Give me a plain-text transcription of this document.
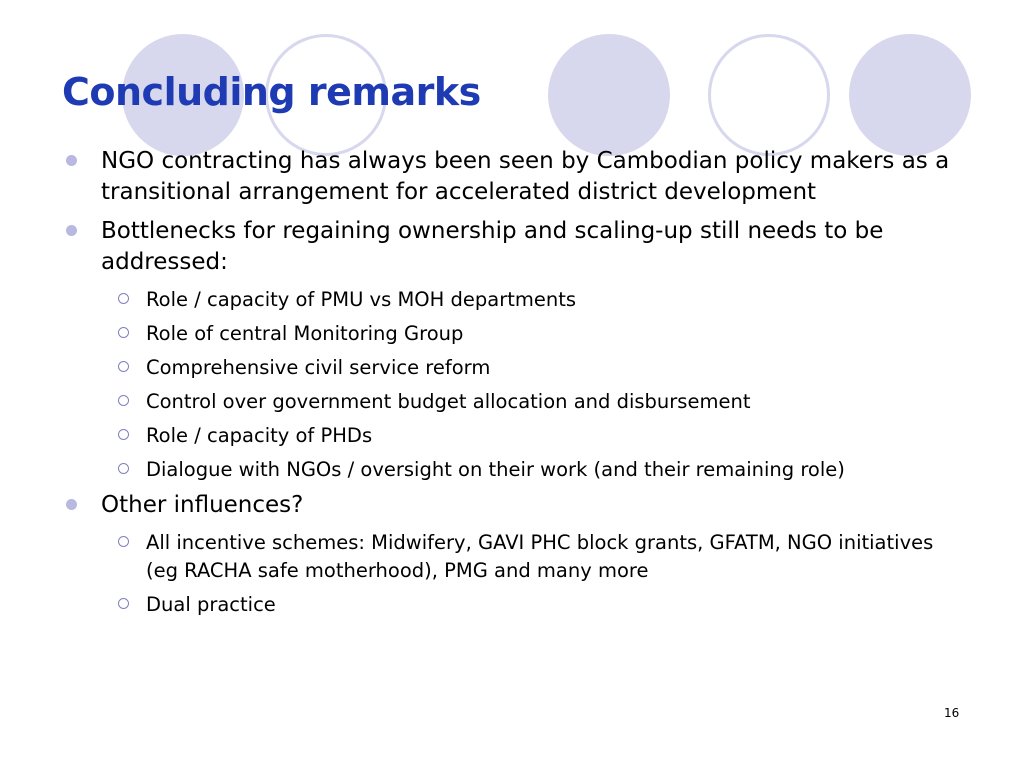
Concluding remarks
NGO contracting has always been seen by Cambodian policy makers as a transitional arrangement for accelerated district development
Bottlenecks for regaining ownership and scaling-up still needs to be addressed:
Role / capacity of PMU vs MOH departments
Role of central Monitoring Group
Comprehensive civil service reform
Control over government budget allocation and disbursement
Role / capacity of PHDs
Dialogue with NGOs / oversight on their work (and their remaining role)
Other influences?
All incentive schemes: Midwifery, GAVI PHC block grants, GFATM, NGO initiatives (eg RACHA safe motherhood), PMG and many more
Dual practice
16
